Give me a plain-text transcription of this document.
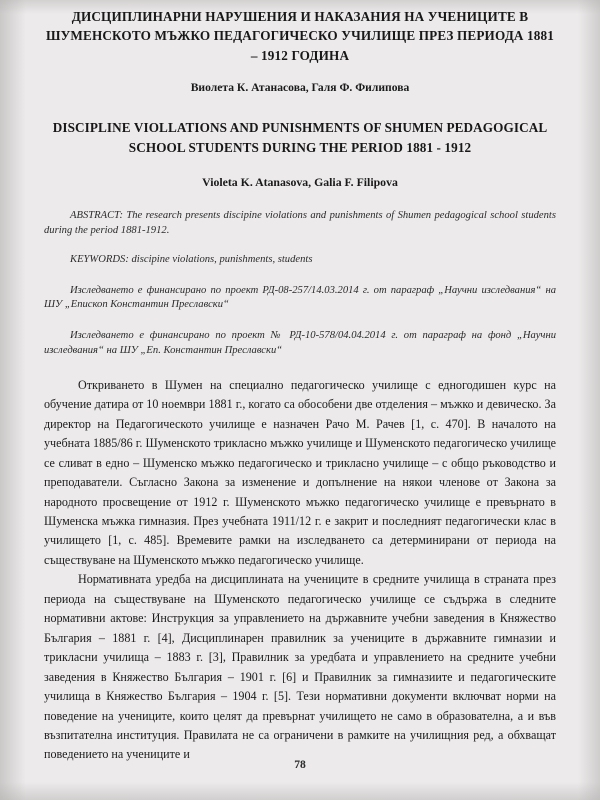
ДИСЦИПЛИНАРНИ НАРУШЕНИЯ И НАКАЗАНИЯ НА УЧЕНИЦИТЕ В ШУМЕНСКОТО МЪЖКО ПЕДАГОГИЧЕСКО УЧИЛИЩЕ ПРЕЗ ПЕРИОДА 1881 – 1912 ГОДИНА
Виолета К. Атанасова, Галя Ф. Филипова
DISCIPLINE VIOLLATIONS AND PUNISHMENTS OF SHUMEN PEDAGOGICAL SCHOOL STUDENTS DURING THE PERIOD 1881 - 1912
Violeta K. Atanasova, Galia F. Filipova

ABSTRACT: The research presents discipine violations and punishments of Shumen pedagogical school students during the period 1881-1912.

KEYWORDS: discipine violations, punishments, students

Изследването е финансирано по проект РД-08-257/14.03.2014 г. от параграф „Научни изследвания“ на ШУ „Епископ Константин Преславски“

Изследването е финансирано по проект № РД-10-578/04.04.2014 г. от параграф на фонд „Научни изследвания“ на ШУ „Еп. Константин Преславски“

Откриването в Шумен на специално педагогическо училище с едногодишен курс на обучение датира от 10 ноември 1881 г., когато са обособени две отделения – мъжко и девическо. За директор на Педагогическото училище е назначен Рачо М. Рачев [1, с. 470]. В началото на учебната 1885/86 г. Шуменското трикласно мъжко училище и Шуменското педагогическо училище се сливат в едно – Шуменско мъжко педагогическо и трикласно училище – с общо ръководство и преподаватели. Съгласно Закона за изменение и допълнение на някои членове от Закона за народното просвещение от 1912 г. Шуменското мъжко педагогическо училище е превърнато в Шуменска мъжка гимназия. През учебната 1911/12 г. е закрит и последният педагогически клас в училището [1, с. 485]. Времевите рамки на изследването са детерминирани от периода на съществуване на Шуменското мъжко педагогическо училище.

Нормативната уредба на дисциплината на учениците в средните училища в страната през периода на съществуване на Шуменското педагогическо училище се съдържа в следните нормативни актове: Инструкция за управлението на държавните учебни заведения в Княжество България – 1881 г. [4], Дисциплинарен правилник за учениците в държавните гимназии и трикласни училища – 1883 г. [3], Правилник за уредбата и управлението на средните учебни заведения в Княжество България – 1901 г. [6] и Правилник за гимназиите и педагогическите училища в Княжество България – 1904 г. [5]. Тези нормативни документи включват норми на поведение на учениците, които целят да превърнат училището не само в образователна, а и във възпитателна институция. Правилата не са ограничени в рамките на училищния ред, а обхващат поведението на учениците и

78
